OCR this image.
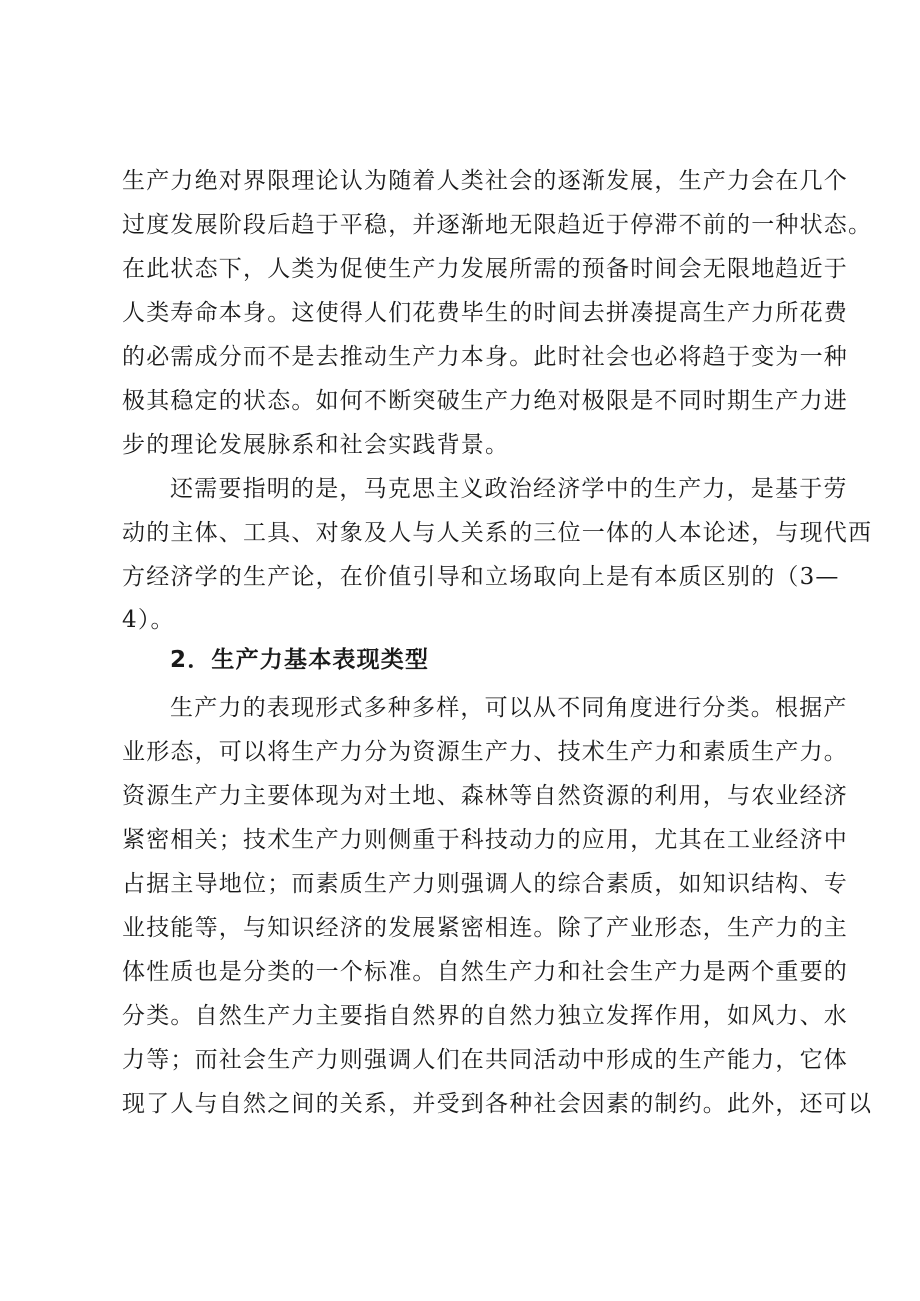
生产力绝对界限理论认为随着人类社会的逐渐发展，生产力会在几个
过度发展阶段后趋于平稳，并逐渐地无限趋近于停滞不前的一种状态。
在此状态下，人类为促使生产力发展所需的预备时间会无限地趋近于
人类寿命本身。这使得人们花费毕生的时间去拼凑提高生产力所花费
的必需成分而不是去推动生产力本身。此时社会也必将趋于变为一种
极其稳定的状态。如何不断突破生产力绝对极限是不同时期生产力进
步的理论发展脉系和社会实践背景。
还需要指明的是，马克思主义政治经济学中的生产力，是基于劳
动的主体、工具、对象及人与人关系的三位一体的人本论述，与现代西
方经济学的生产论，在价值引导和立场取向上是有本质区别的（3—
4）。
2．生产力基本表现类型
生产力的表现形式多种多样，可以从不同角度进行分类。根据产
业形态，可以将生产力分为资源生产力、技术生产力和素质生产力。
资源生产力主要体现为对土地、森林等自然资源的利用，与农业经济
紧密相关；技术生产力则侧重于科技动力的应用，尤其在工业经济中
占据主导地位；而素质生产力则强调人的综合素质，如知识结构、专
业技能等，与知识经济的发展紧密相连。除了产业形态，生产力的主
体性质也是分类的一个标准。自然生产力和社会生产力是两个重要的
分类。自然生产力主要指自然界的自然力独立发挥作用，如风力、水
力等；而社会生产力则强调人们在共同活动中形成的生产能力，它体
现了人与自然之间的关系，并受到各种社会因素的制约。此外，还可以
